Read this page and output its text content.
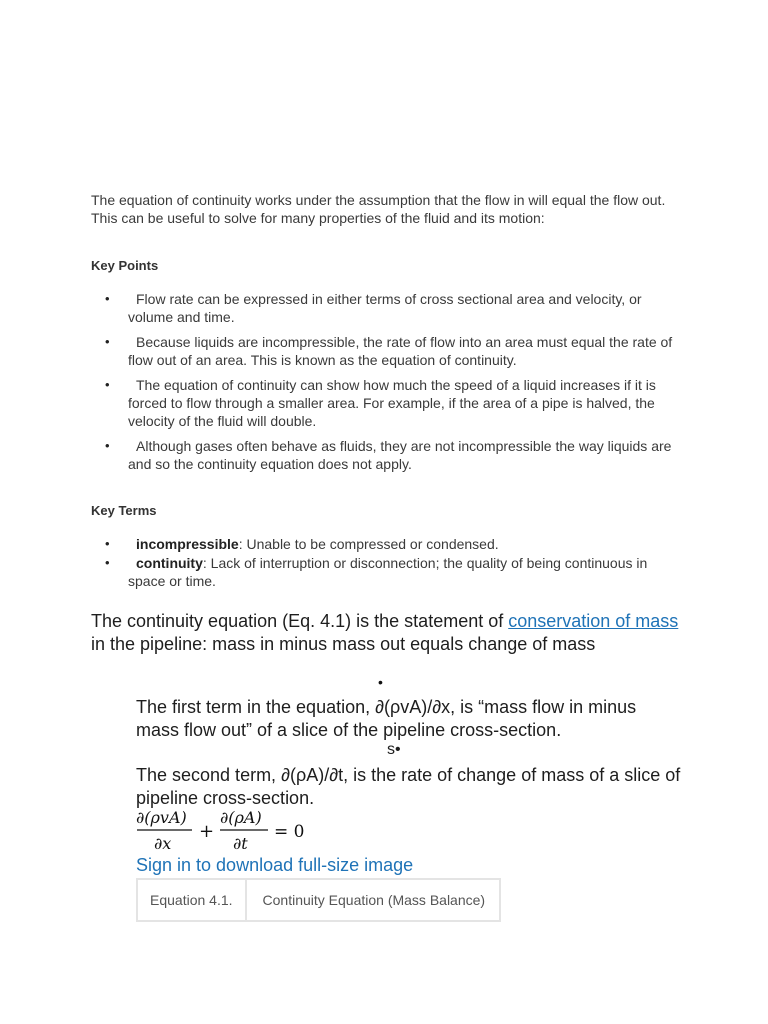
The equation of continuity works under the assumption that the flow in will equal the flow out. This can be useful to solve for many properties of the fluid and its motion:

Key Points

• Flow rate can be expressed in either terms of cross sectional area and velocity, or volume and time.
• Because liquids are incompressible, the rate of flow into an area must equal the rate of flow out of an area. This is known as the equation of continuity.
• The equation of continuity can show how much the speed of a liquid increases if it is forced to flow through a smaller area. For example, if the area of a pipe is halved, the velocity of the fluid will double.
• Although gases often behave as fluids, they are not incompressible the way liquids are and so the continuity equation does not apply.

Key Terms

• incompressible: Unable to be compressed or condensed.
• continuity: Lack of interruption or disconnection; the quality of being continuous in space or time.

The continuity equation (Eq. 4.1) is the statement of conservation of mass in the pipeline: mass in minus mass out equals change of mass

•

The first term in the equation, ∂(ρvA)/∂x, is “mass flow in minus mass flow out” of a slice of the pipeline cross-section.

s•

The second term, ∂(ρA)/∂t, is the rate of change of mass of a slice of pipeline cross-section.

∂(ρvA)
∂x
+
∂(ρA)
∂t
= 0
Sign in to download full-size image
Equation 4.1.	Continuity Equation (Mass Balance)
